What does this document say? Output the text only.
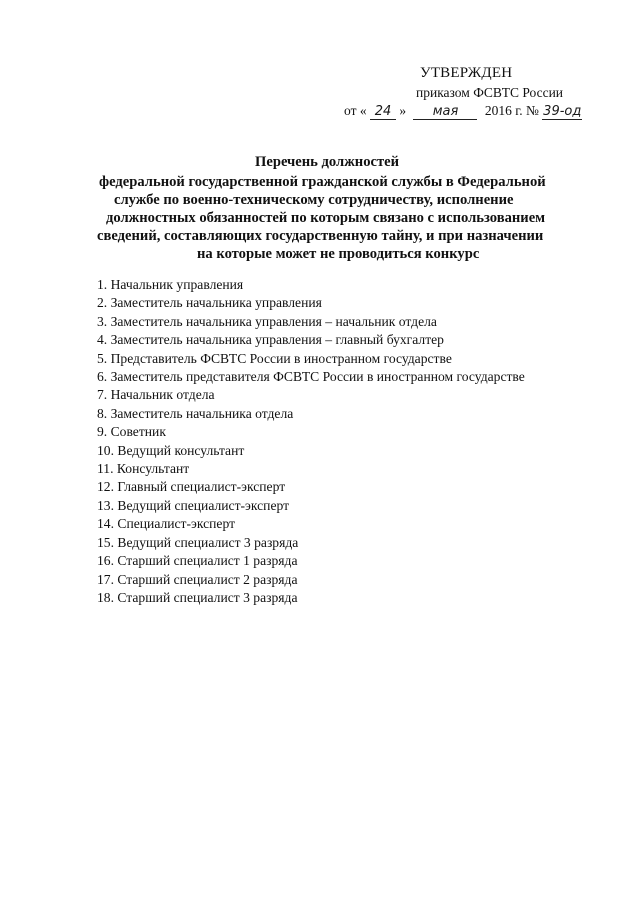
УТВЕРЖДЕН
приказом ФСВТС России
от « 24 » мая 2016 г. № 39-од
Перечень должностей
федеральной государственной гражданской службы в Федеральной
службе по военно-техническому сотрудничеству, исполнение
должностных обязанностей по которым связано с использованием
сведений, составляющих государственную тайну, и при назначении
на которые может не проводиться конкурс
1. Начальник управления
2. Заместитель начальника управления
3. Заместитель начальника управления – начальник отдела
4. Заместитель начальника управления – главный бухгалтер
5. Представитель ФСВТС России в иностранном государстве
6. Заместитель представителя ФСВТС России в иностранном государстве
7. Начальник отдела
8. Заместитель начальника отдела
9. Советник
10. Ведущий консультант
11. Консультант
12. Главный специалист-эксперт
13. Ведущий специалист-эксперт
14. Специалист-эксперт
15. Ведущий специалист 3 разряда
16. Старший специалист 1 разряда
17. Старший специалист 2 разряда
18. Старший специалист 3 разряда
